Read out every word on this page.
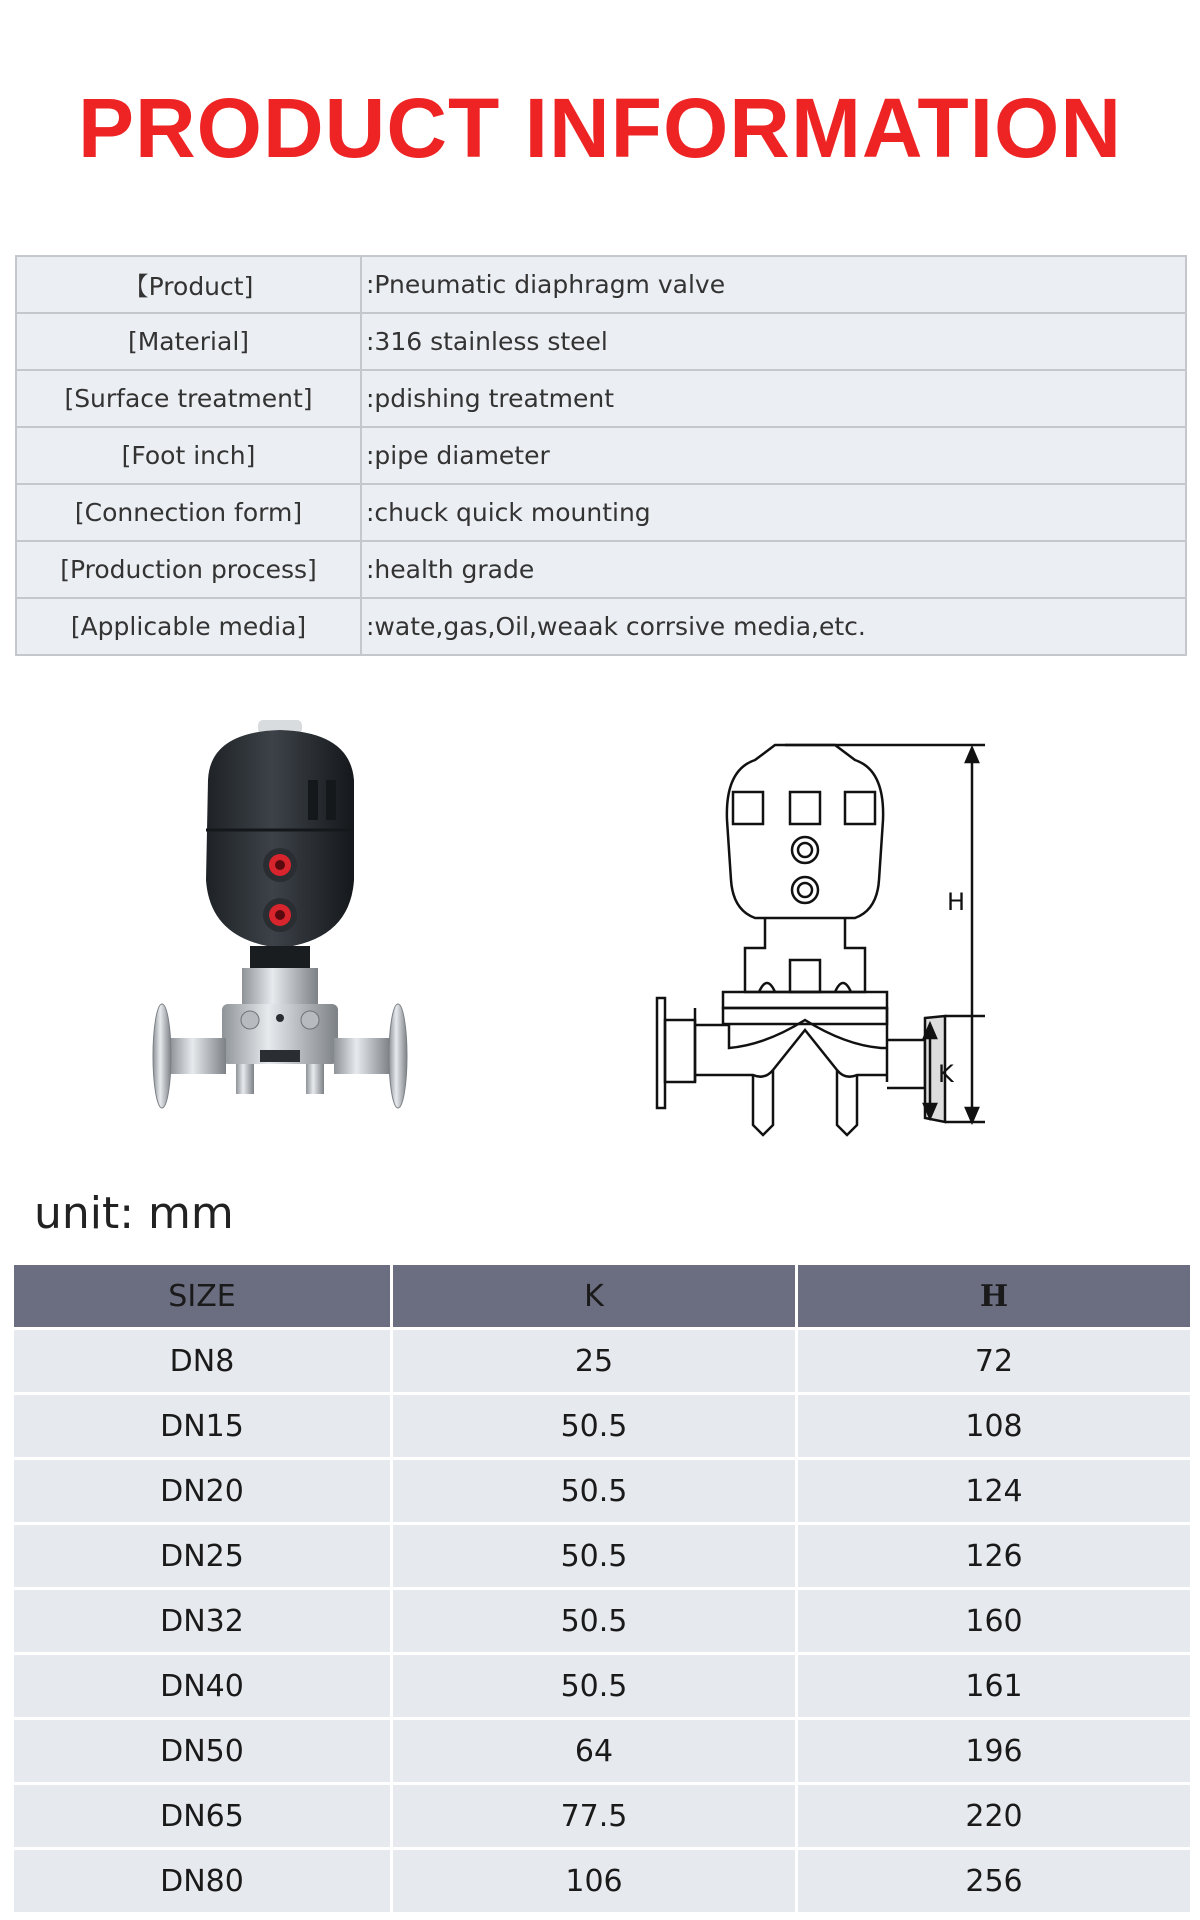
PRODUCT INFORMATION
【Product]	:Pneumatic diaphragm valve
[Material]	:316 stainless steel
[Surface treatment]	:pdishing treatment
[Foot inch]	:pipe diameter
[Connection form]	:chuck quick mounting
[Production process]	:health grade
[Applicable media]	:wate,gas,Oil,weaak corrsive media,etc.
H
K
unit: mm
SIZE	K	H
DN8	25	72
DN15	50.5	108
DN20	50.5	124
DN25	50.5	126
DN32	50.5	160
DN40	50.5	161
DN50	64	196
DN65	77.5	220
DN80	106	256
